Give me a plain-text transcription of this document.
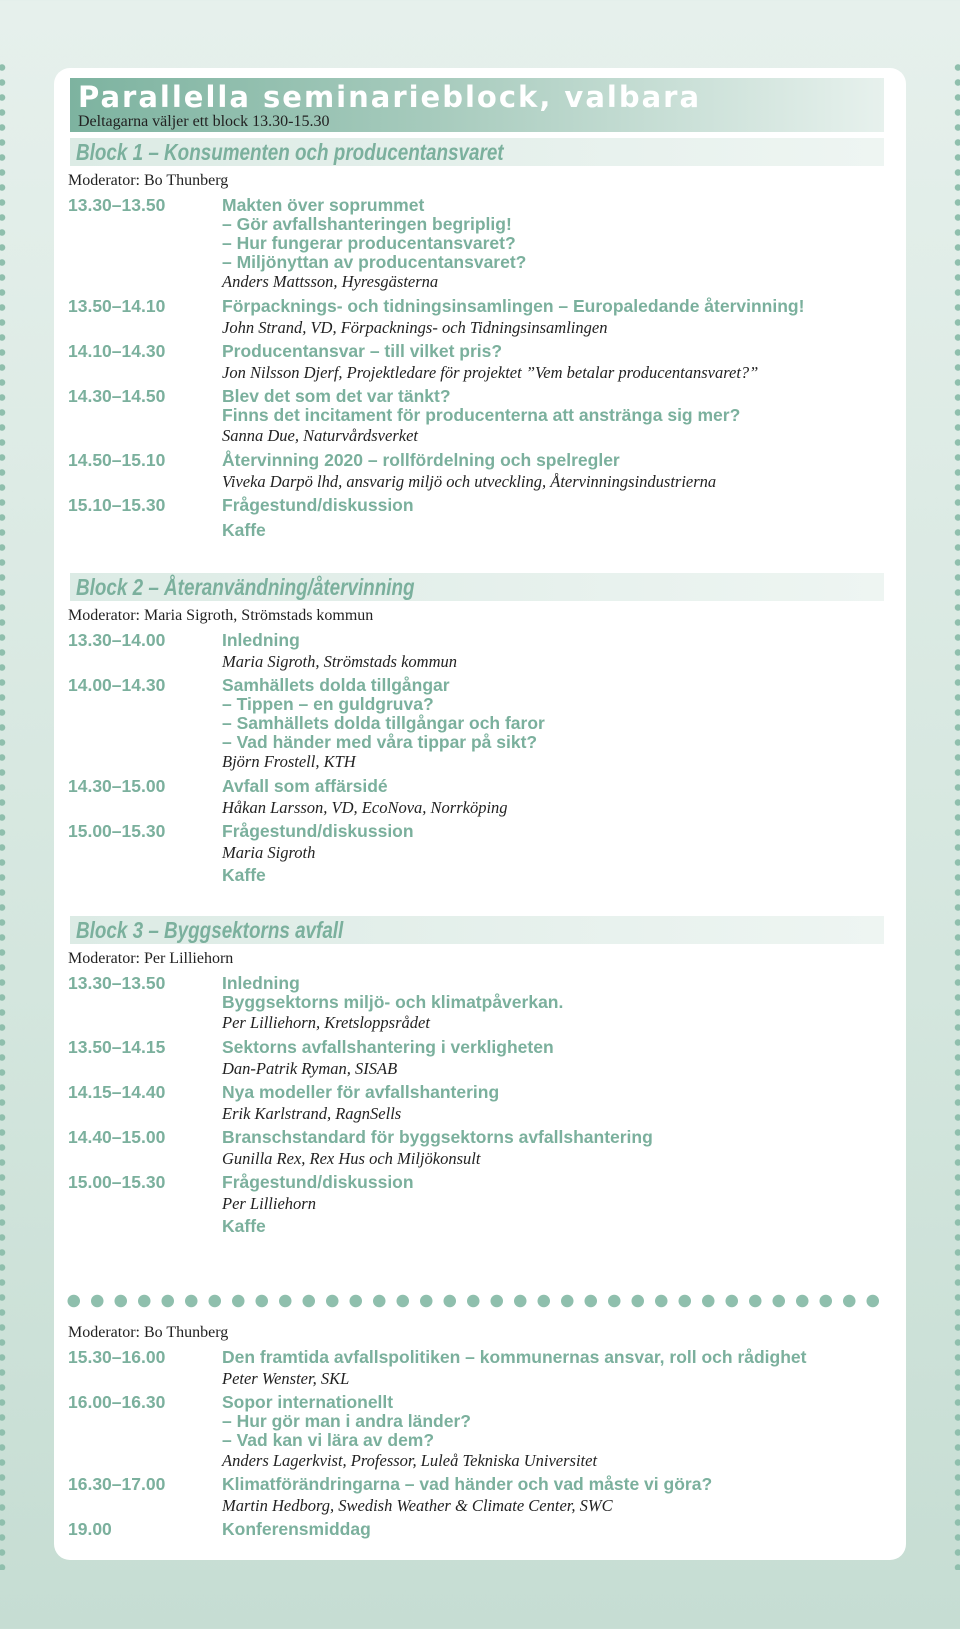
Parallella seminarieblock, valbara
Deltagarna väljer ett block 13.30-15.30
Block 1 – Konsumenten och producentansvaret
Moderator: Bo Thunberg
13.30–13.50	Makten över soprummet
– Gör avfallshanteringen begriplig!
– Hur fungerar producentansvaret?
– Miljönyttan av producentansvaret?
Anders Mattsson, Hyresgästerna
13.50–14.10	Förpacknings- och tidningsinsamlingen – Europaledande återvinning!
John Strand, VD, Förpacknings- och Tidningsinsamlingen
14.10–14.30	Producentansvar – till vilket pris?
Jon Nilsson Djerf, Projektledare för projektet ”Vem betalar producentansvaret?”
14.30–14.50	Blev det som det var tänkt?
Finns det incitament för producenterna att anstränga sig mer?
Sanna Due, Naturvårdsverket
14.50–15.10	Återvinning 2020 – rollfördelning och spelregler
Viveka Darpö lhd, ansvarig miljö och utveckling, Återvinningsindustrierna
15.10–15.30	Frågestund/diskussion
Kaffe
Block 2 – Återanvändning/återvinning
Moderator: Maria Sigroth, Strömstads kommun
13.30–14.00	Inledning
Maria Sigroth, Strömstads kommun
14.00–14.30	Samhällets dolda tillgångar
– Tippen – en guldgruva?
– Samhällets dolda tillgångar och faror
– Vad händer med våra tippar på sikt?
Björn Frostell, KTH
14.30–15.00	Avfall som affärsidé
Håkan Larsson, VD, EcoNova, Norrköping
15.00–15.30	Frågestund/diskussion
Maria Sigroth
Kaffe
Block 3 – Byggsektorns avfall
Moderator: Per Lilliehorn
13.30–13.50	Inledning
Byggsektorns miljö- och klimatpåverkan.
Per Lilliehorn, Kretsloppsrådet
13.50–14.15	Sektorns avfallshantering i verkligheten
Dan-Patrik Ryman, SISAB
14.15–14.40	Nya modeller för avfallshantering
Erik Karlstrand, RagnSells
14.40–15.00	Branschstandard för byggsektorns avfallshantering
Gunilla Rex, Rex Hus och Miljökonsult
15.00–15.30	Frågestund/diskussion
Per Lilliehorn
Kaffe
Moderator: Bo Thunberg
15.30–16.00	Den framtida avfallspolitiken – kommunernas ansvar, roll och rådighet
Peter Wenster, SKL
16.00–16.30	Sopor internationellt
– Hur gör man i andra länder?
– Vad kan vi lära av dem?
Anders Lagerkvist, Professor, Luleå Tekniska Universitet
16.30–17.00	Klimatförändringarna – vad händer och vad måste vi göra?
Martin Hedborg, Swedish Weather & Climate Center, SWC
19.00	Konferensmiddag
